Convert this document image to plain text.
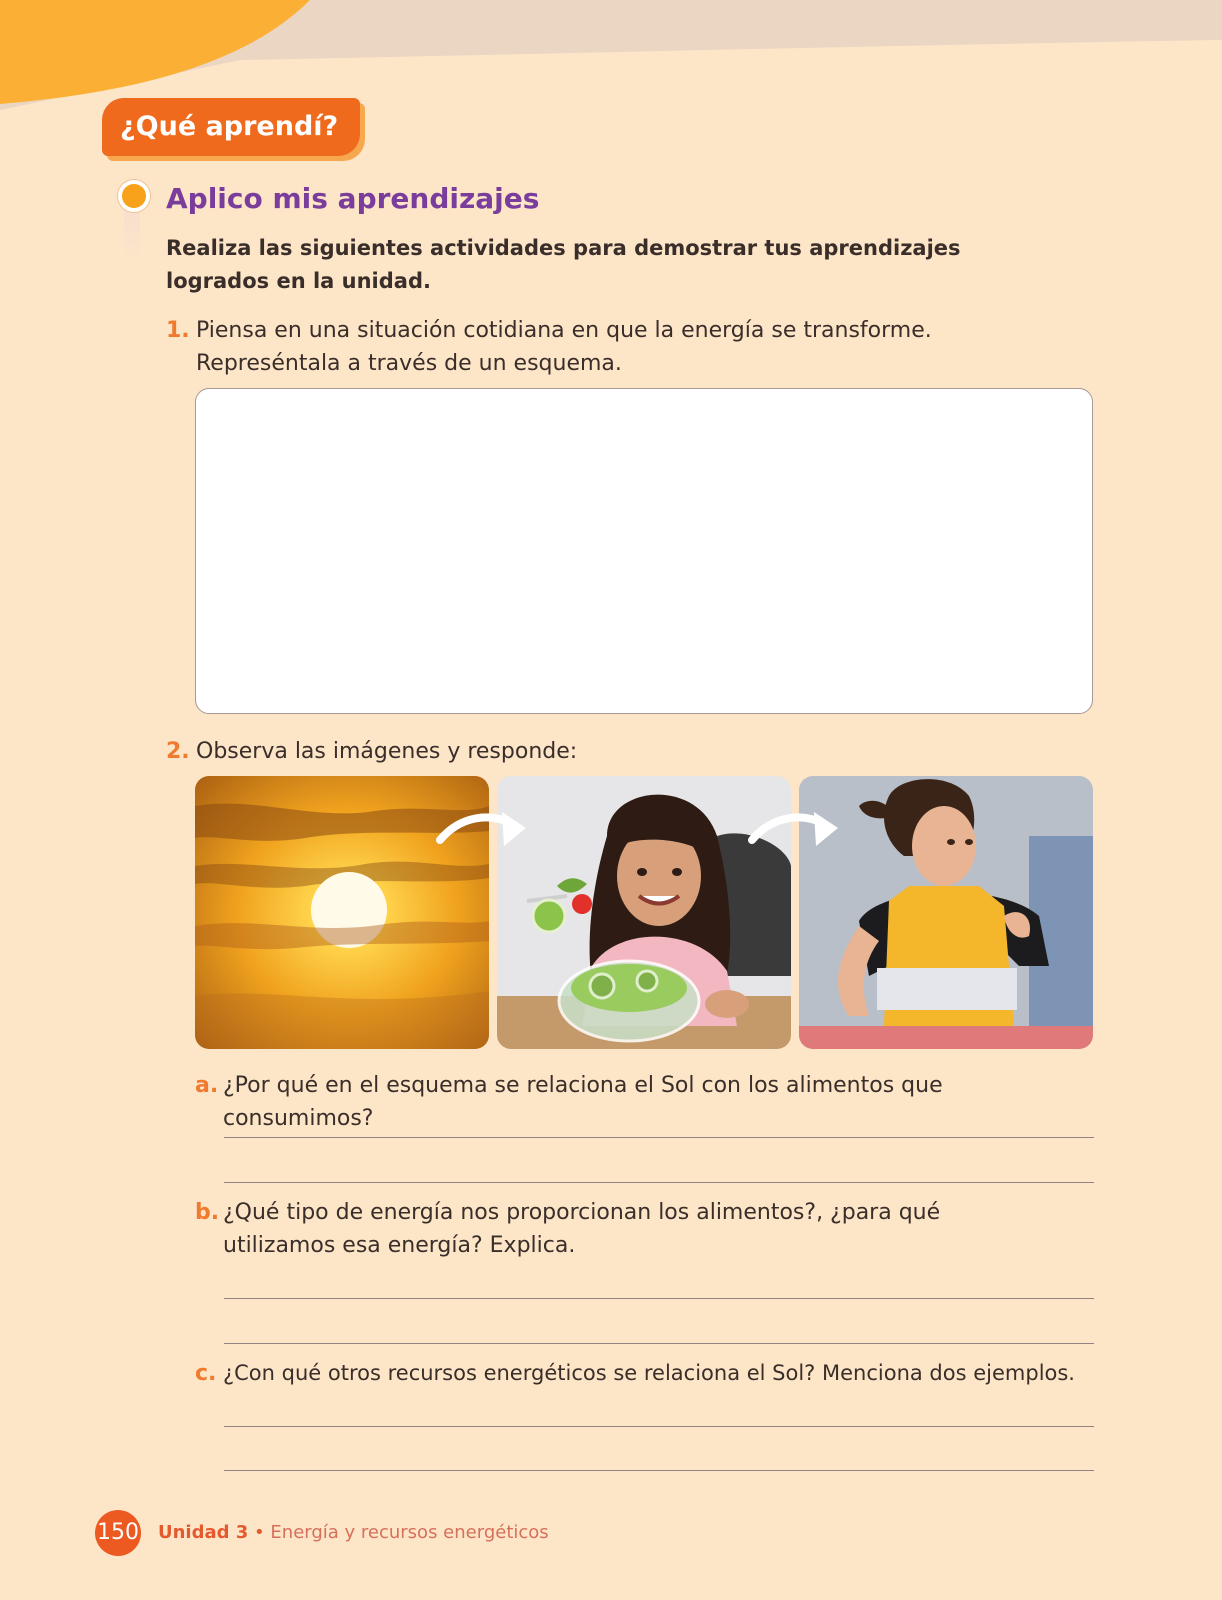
¿Qué aprendí?
Aplico mis aprendizajes
Realiza las siguientes actividades para demostrar tus aprendizajes logrados en la unidad.
1. Piensa en una situación cotidiana en que la energía se transforme. Represéntala a través de un esquema.
2. Observa las imágenes y responde:
a. ¿Por qué en el esquema se relaciona el Sol con los alimentos que consumimos?
b. ¿Qué tipo de energía nos proporcionan los alimentos?, ¿para qué utilizamos esa energía? Explica.
c. ¿Con qué otros recursos energéticos se relaciona el Sol? Menciona dos ejemplos.
150 Unidad 3 • Energía y recursos energéticos
